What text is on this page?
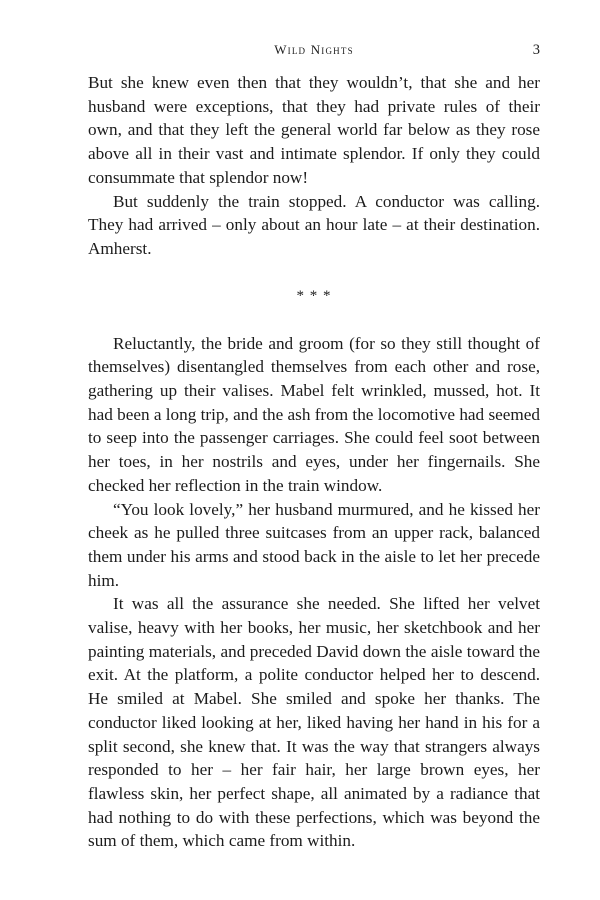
Wild Nights	3

But she knew even then that they wouldn’t, that she and her husband were exceptions, that they had private rules of their own, and that they left the general world far below as they rose above all in their vast and intimate splendor. If only they could consummate that splendor now!

But suddenly the train stopped. A conductor was calling. They had arrived – only about an hour late – at their destination. Amherst.

* * *

Reluctantly, the bride and groom (for so they still thought of themselves) disentangled themselves from each other and rose, gathering up their valises. Mabel felt wrinkled, mussed, hot. It had been a long trip, and the ash from the locomotive had seemed to seep into the passenger carriages. She could feel soot between her toes, in her nostrils and eyes, under her fingernails. She checked her reflection in the train window.

“You look lovely,” her husband murmured, and he kissed her cheek as he pulled three suitcases from an upper rack, balanced them under his arms and stood back in the aisle to let her precede him.

It was all the assurance she needed. She lifted her velvet valise, heavy with her books, her music, her sketchbook and her painting materials, and preceded David down the aisle toward the exit. At the platform, a polite conductor helped her to descend. He smiled at Mabel. She smiled and spoke her thanks. The conductor liked looking at her, liked having her hand in his for a split second, she knew that. It was the way that strangers always responded to her – her fair hair, her large brown eyes, her flawless skin, her perfect shape, all animated by a radiance that had nothing to do with these perfections, which was beyond the sum of them, which came from within.
